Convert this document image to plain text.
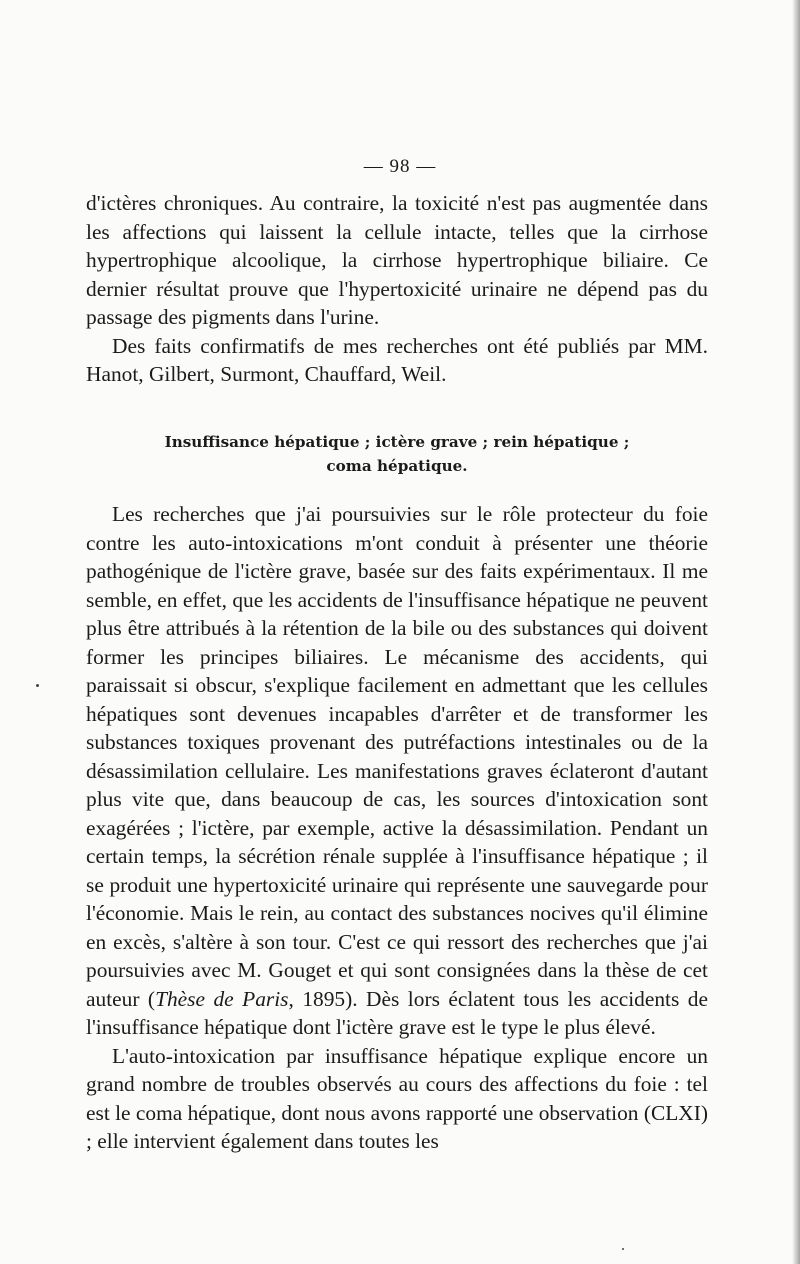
— 98 —

d'ictères chroniques. Au contraire, la toxicité n'est pas augmentée dans les affections qui laissent la cellule intacte, telles que la cirrhose hypertrophique alcoolique, la cirrhose hypertrophique biliaire. Ce dernier résultat prouve que l'hypertoxicité urinaire ne dépend pas du passage des pigments dans l'urine.

Des faits confirmatifs de mes recherches ont été publiés par MM. Hanot, Gilbert, Surmont, Chauffard, Weil.

Insuffisance hépatique ; ictère grave ; rein hépatique ;
coma hépatique.

Les recherches que j'ai poursuivies sur le rôle protecteur du foie contre les auto-intoxications m'ont conduit à présenter une théorie pathogénique de l'ictère grave, basée sur des faits expérimentaux. Il me semble, en effet, que les accidents de l'insuffisance hépatique ne peuvent plus être attribués à la rétention de la bile ou des substances qui doivent former les principes biliaires. Le mécanisme des accidents, qui paraissait si obscur, s'explique facilement en admettant que les cellules hépatiques sont devenues incapables d'arrêter et de transformer les substances toxiques provenant des putréfactions intestinales ou de la désassimilation cellulaire. Les manifestations graves éclateront d'autant plus vite que, dans beaucoup de cas, les sources d'intoxication sont exagérées ; l'ictère, par exemple, active la désassimilation. Pendant un certain temps, la sécrétion rénale supplée à l'insuffisance hépatique ; il se produit une hypertoxicité urinaire qui représente une sauvegarde pour l'économie. Mais le rein, au contact des substances nocives qu'il élimine en excès, s'altère à son tour. C'est ce qui ressort des recherches que j'ai poursuivies avec M. Gouget et qui sont consignées dans la thèse de cet auteur (Thèse de Paris, 1895). Dès lors éclatent tous les accidents de l'insuffisance hépatique dont l'ictère grave est le type le plus élevé.

L'auto-intoxication par insuffisance hépatique explique encore un grand nombre de troubles observés au cours des affections du foie : tel est le coma hépatique, dont nous avons rapporté une observation (CLXI) ; elle intervient également dans toutes les
